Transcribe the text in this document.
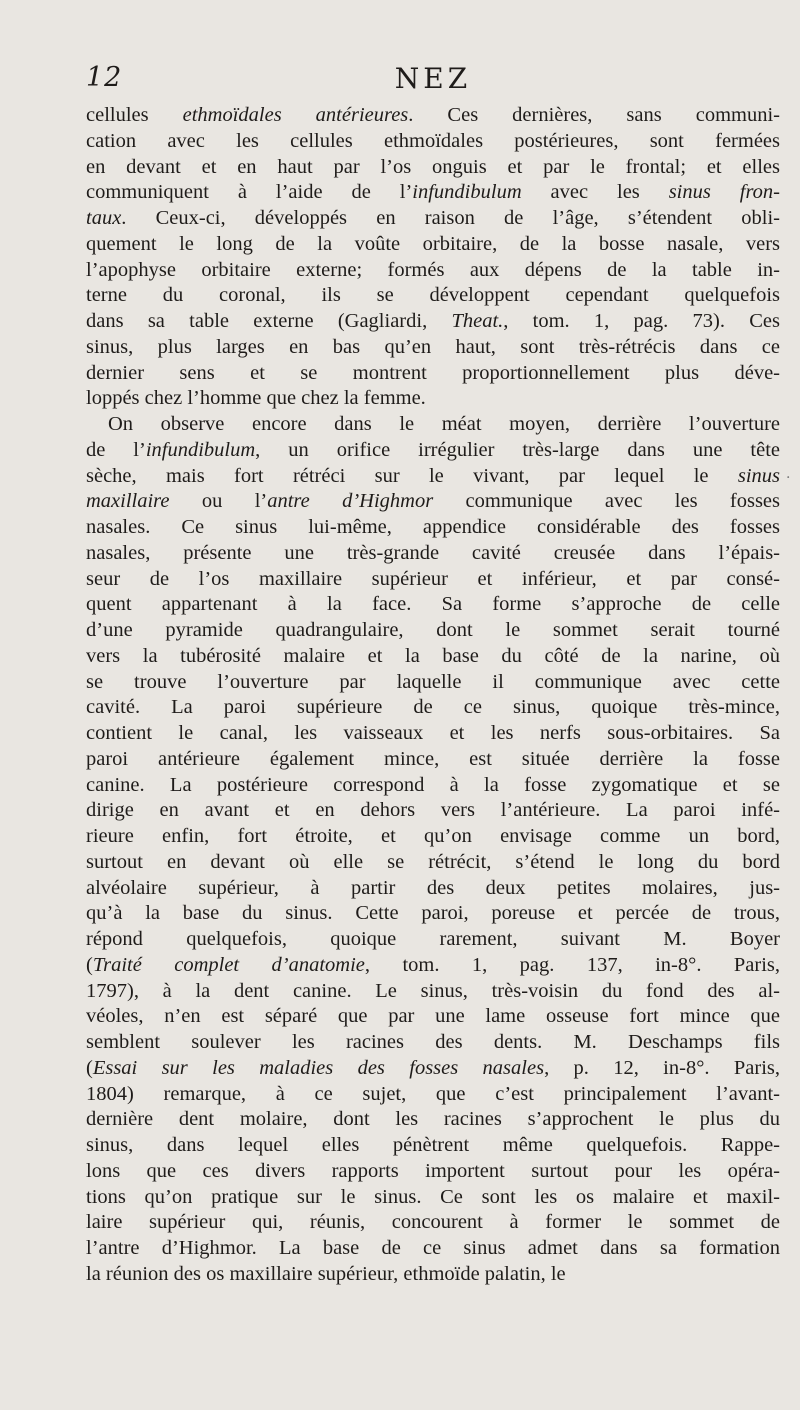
12	NEZ
cellules ethmoïdales antérieures. Ces dernières, sans communi-
cation avec les cellules ethmoïdales postérieures, sont fermées
en devant et en haut par l’os onguis et par le frontal; et elles
communiquent à l’aide de l’infundibulum avec les sinus fron-
taux. Ceux-ci, développés en raison de l’âge, s’étendent obli-
quement le long de la voûte orbitaire, de la bosse nasale, vers
l’apophyse orbitaire externe; formés aux dépens de la table in-
terne du coronal, ils se développent cependant quelquefois
dans sa table externe (Gagliardi, Theat., tom. 1, pag. 73). Ces
sinus, plus larges en bas qu’en haut, sont très-rétrécis dans ce
dernier sens et se montrent proportionnellement plus déve-
loppés chez l’homme que chez la femme.
On observe encore dans le méat moyen, derrière l’ouverture
de l’infundibulum, un orifice irrégulier très-large dans une tête
sèche, mais fort rétréci sur le vivant, par lequel le sinus
maxillaire ou l’antre d’Highmor communique avec les fosses
nasales. Ce sinus lui-même, appendice considérable des fosses
nasales, présente une très-grande cavité creusée dans l’épais-
seur de l’os maxillaire supérieur et inférieur, et par consé-
quent appartenant à la face. Sa forme s’approche de celle
d’une pyramide quadrangulaire, dont le sommet serait tourné
vers la tubérosité malaire et la base du côté de la narine, où
se trouve l’ouverture par laquelle il communique avec cette
cavité. La paroi supérieure de ce sinus, quoique très-mince,
contient le canal, les vaisseaux et les nerfs sous-orbitaires. Sa
paroi antérieure également mince, est située derrière la fosse
canine. La postérieure correspond à la fosse zygomatique et se
dirige en avant et en dehors vers l’antérieure. La paroi infé-
rieure enfin, fort étroite, et qu’on envisage comme un bord,
surtout en devant où elle se rétrécit, s’étend le long du bord
alvéolaire supérieur, à partir des deux petites molaires, jus-
qu’à la base du sinus. Cette paroi, poreuse et percée de trous,
répond quelquefois, quoique rarement, suivant M. Boyer
(Traité complet d’anatomie, tom. 1, pag. 137, in-8°. Paris,
1797), à la dent canine. Le sinus, très-voisin du fond des al-
véoles, n’en est séparé que par une lame osseuse fort mince que
semblent soulever les racines des dents. M. Deschamps fils
(Essai sur les maladies des fosses nasales, p. 12, in-8°. Paris,
1804) remarque, à ce sujet, que c’est principalement l’avant-
dernière dent molaire, dont les racines s’approchent le plus du
sinus, dans lequel elles pénètrent même quelquefois. Rappe-
lons que ces divers rapports importent surtout pour les opéra-
tions qu’on pratique sur le sinus. Ce sont les os malaire et maxil-
laire supérieur qui, réunis, concourent à former le sommet de
l’antre d’Highmor. La base de ce sinus admet dans sa formation
la réunion des os maxillaire supérieur, ethmoïde palatin, le
·
